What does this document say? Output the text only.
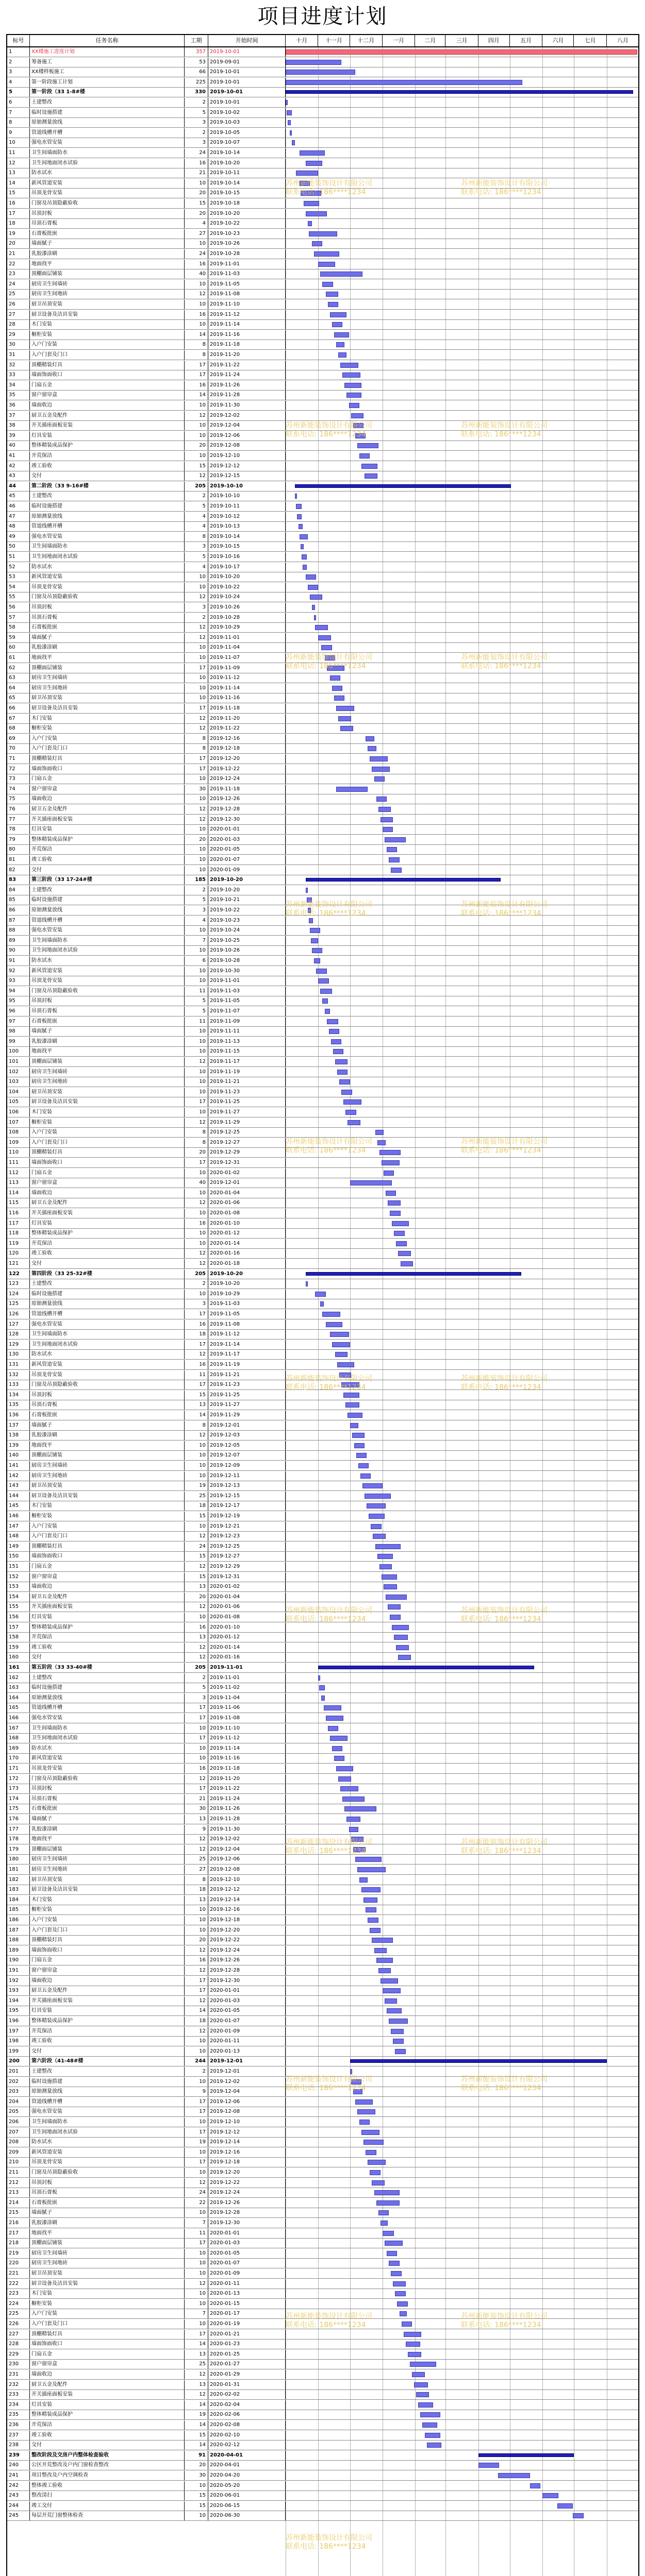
项目进度计划
标号	任务名称	工期	开始时间	十月	十一月	十二月	一月	二月	三月	四月	五月	六月	七月	八月
1	XX楼施工进度计划	357 2019-10-01
2	筹备施工	53 2019-09-01
3	XX楼样板施工	66 2019-10-01
4	第一阶段施工计划	225 2019-10-01
5	第一阶段（33 1-8#楼	330 2019-10-01
6	土建整改	2 2019-10-01
7	临时设施搭建	5 2019-10-02
8	原始测量放线	3 2019-10-03
9	管道线槽开槽	2 2019-10-05
10	强电水管安装	3 2019-10-07
11	卫生间墙面防水	24 2019-10-14
12	卫生间地面闭水试验	16 2019-10-20
13	防水试水	21 2019-10-11
14	新风管道安装	10 2019-10-14
15	吊顶龙骨安装	20 2019-10-15
16	门窗及吊顶隐蔽验收	15 2019-10-18
17	吊顶封板	20 2019-10-20
18	吊顶石膏板	4 2019-10-22
19	石膏板批嵌	27 2019-10-23
20	墙面腻子	10 2019-10-26
21	乳胶漆涂刷	24 2019-10-28
22	地面找平	16 2019-11-01
23	顶棚面层铺装	40 2019-11-03
24	厨房卫生间墙砖	10 2019-11-05
25	厨房卫生间地砖	12 2019-11-08
26	厨卫吊顶安装	10 2019-11-10
27	厨卫设备及洁具安装	16 2019-11-12
28	木门安装	10 2019-11-14
29	橱柜安装	14 2019-11-16
30	入户门安装	8 2019-11-18
31	入户门套及门口	8 2019-11-20
32	顶棚精装灯具	17 2019-11-22
33	墙面饰面收口	17 2019-11-24
34	门扇五金	16 2019-11-26
35	窗户窗帘盒	14 2019-11-28
36	墙面收边	10 2019-11-30
37	厨卫五金及配件	12 2019-12-02
38	开关插座面板安装	10 2019-12-04
39	灯具安装	10 2019-12-06
40	整体精装成品保护	20 2019-12-08
41	开荒保洁	10 2019-12-10
42	竣工验收	15 2019-12-12
43	交付	12 2019-12-15
44	第二阶段（33 9-16#楼	205 2019-10-10
45	土建整改	2 2019-10-10
46	临时设施搭建	5 2019-10-11
47	原始测量放线	4 2019-10-12
48	管道线槽开槽	4 2019-10-13
49	强电水管安装	8 2019-10-14
50	卫生间墙面防水	3 2019-10-15
51	卫生间地面闭水试验	5 2019-10-16
52	防水试水	4 2019-10-17
53	新风管道安装	10 2019-10-20
54	吊顶龙骨安装	10 2019-10-22
55	门窗及吊顶隐蔽验收	12 2019-10-24
56	吊顶封板	3 2019-10-26
57	吊顶石膏板	2 2019-10-28
58	石膏板批嵌	12 2019-10-29
59	墙面腻子	12 2019-11-01
60	乳胶漆涂刷	10 2019-11-04
61	地面找平	10 2019-11-07
62	顶棚面层铺装	17 2019-11-09
63	厨房卫生间墙砖	10 2019-11-12
64	厨房卫生间地砖	10 2019-11-14
65	厨卫吊顶安装	10 2019-11-16
66	厨卫设备及洁具安装	17 2019-11-18
67	木门安装	12 2019-11-20
68	橱柜安装	12 2019-11-22
69	入户门安装	8 2019-12-16
70	入户门套及门口	8 2019-12-18
71	顶棚精装灯具	17 2019-12-20
72	墙面饰面收口	17 2019-12-22
73	门扇五金	10 2019-12-24
74	窗户窗帘盒	30 2019-11-18
75	墙面收边	10 2019-12-26
76	厨卫五金及配件	12 2019-12-28
77	开关插座面板安装	12 2019-12-30
78	灯具安装	10 2020-01-01
79	整体精装成品保护	20 2020-01-03
80	开荒保洁	10 2020-01-05
81	竣工验收	10 2020-01-07
82	交付	10 2020-01-09
83	第三阶段（33 17-24#楼	185 2019-10-20
84	土建整改	2 2019-10-20
85	临时设施搭建	5 2019-10-21
86	原始测量放线	3 2019-10-22
87	管道线槽开槽	4 2019-10-23
88	强电水管安装	10 2019-10-24
89	卫生间墙面防水	7 2019-10-25
90	卫生间地面闭水试验	10 2019-10-26
91	防水试水	6 2019-10-28
92	新风管道安装	10 2019-10-30
93	吊顶龙骨安装	10 2019-11-01
94	门窗及吊顶隐蔽验收	11 2019-11-03
95	吊顶封板	5 2019-11-05
96	吊顶石膏板	5 2019-11-07
97	石膏板批嵌	11 2019-11-09
98	墙面腻子	10 2019-11-11
99	乳胶漆涂刷	10 2019-11-13
100	地面找平	10 2019-11-15
101	顶棚面层铺装	12 2019-11-17
102	厨房卫生间墙砖	10 2019-11-19
103	厨房卫生间地砖	10 2019-11-21
104	厨卫吊顶安装	10 2019-11-23
105	厨卫设备及洁具安装	17 2019-11-25
106	木门安装	10 2019-11-27
107	橱柜安装	12 2019-11-29
108	入户门安装	8 2019-12-25
109	入户门套及门口	8 2019-12-27
110	顶棚精装灯具	20 2019-12-29
111	墙面饰面收口	17 2019-12-31
112	门扇五金	10 2020-01-02
113	窗户窗帘盒	40 2019-12-01
114	墙面收边	10 2020-01-04
115	厨卫五金及配件	12 2020-01-06
116	开关插座面板安装	10 2020-01-08
117	灯具安装	16 2020-01-10
118	整体精装成品保护	10 2020-01-12
119	开荒保洁	10 2020-01-14
120	竣工验收	12 2020-01-16
121	交付	12 2020-01-18
122	第四阶段（33 25-32#楼	205 2019-10-20
123	土建整改	2 2019-10-20
124	临时设施搭建	10 2019-10-29
125	原始测量放线	3 2019-11-03
126	管道线槽开槽	17 2019-11-05
127	强电水管安装	16 2019-11-08
128	卫生间墙面防水	18 2019-11-12
129	卫生间地面闭水试验	17 2019-11-14
130	防水试水	12 2019-11-17
131	新风管道安装	16 2019-11-19
132	吊顶龙骨安装	11 2019-11-21
133	门窗及吊顶隐蔽验收	17 2019-11-23
134	吊顶封板	15 2019-11-25
135	吊顶石膏板	13 2019-11-27
136	石膏板批嵌	14 2019-11-29
137	墙面腻子	8 2019-12-01
138	乳胶漆涂刷	12 2019-12-03
139	地面找平	10 2019-12-05
140	顶棚面层铺装	10 2019-12-07
141	厨房卫生间墙砖	10 2019-12-09
142	厨房卫生间地砖	10 2019-12-11
143	厨卫吊顶安装	19 2019-12-13
144	厨卫设备及洁具安装	25 2019-12-15
145	木门安装	18 2019-12-17
146	橱柜安装	15 2019-12-19
147	入户门安装	10 2019-12-21
148	入户门套及门口	12 2019-12-23
149	顶棚精装灯具	24 2019-12-25
150	墙面饰面收口	15 2019-12-27
151	门扇五金	12 2019-12-29
152	窗户窗帘盒	15 2019-12-31
153	墙面收边	13 2020-01-02
154	厨卫五金及配件	20 2020-01-04
155	开关插座面板安装	12 2020-01-06
156	灯具安装	10 2020-01-08
157	整体精装成品保护	16 2020-01-10
158	开荒保洁	13 2020-01-12
159	竣工验收	12 2020-01-14
160	交付	12 2020-01-16
161	第五阶段（33 33-40#楼	205 2019-11-01
162	土建整改	2 2019-11-01
163	临时设施搭建	5 2019-11-02
164	原始测量放线	3 2019-11-04
165	管道线槽开槽	17 2019-11-06
166	强电水管安装	17 2019-11-08
167	卫生间墙面防水	10 2019-11-10
168	卫生间地面闭水试验	17 2019-11-12
169	防水试水	10 2019-11-14
170	新风管道安装	10 2019-11-16
171	吊顶龙骨安装	16 2019-11-18
172	门窗及吊顶隐蔽验收	12 2019-11-20
173	吊顶封板	17 2019-11-22
174	吊顶石膏板	21 2019-11-24
175	石膏板批嵌	30 2019-11-26
176	墙面腻子	13 2019-11-28
177	乳胶漆涂刷	9 2019-11-30
178	地面找平	12 2019-12-02
179	顶棚面层铺装	12 2019-12-04
180	厨房卫生间墙砖	25 2019-12-06
181	厨房卫生间地砖	27 2019-12-08
182	厨卫吊顶安装	8 2019-12-10
183	厨卫设备及洁具安装	18 2019-12-12
184	木门安装	13 2019-12-14
185	橱柜安装	10 2019-12-16
186	入户门安装	10 2019-12-18
187	入户门套及门口	10 2019-12-20
188	顶棚精装灯具	20 2019-12-22
189	墙面饰面收口	12 2019-12-24
190	门扇五金	16 2019-12-26
191	窗户窗帘盒	12 2019-12-28
192	墙面收边	17 2019-12-30
193	厨卫五金及配件	17 2020-01-01
194	开关插座面板安装	12 2020-01-03
195	灯具安装	14 2020-01-05
196	整体精装成品保护	18 2020-01-07
197	开荒保洁	12 2020-01-09
198	竣工验收	10 2020-01-11
199	交付	10 2020-01-13
200	第六阶段（41-48#楼	244 2019-12-01
201	土建整改	2 2019-12-01
202	临时设施搭建	10 2019-12-02
203	原始测量放线	9 2019-12-04
204	管道线槽开槽	17 2019-12-06
205	强电水管安装	17 2019-12-08
206	卫生间墙面防水	10 2019-12-10
207	卫生间地面闭水试验	17 2019-12-12
208	防水试水	19 2019-12-14
209	新风管道安装	10 2019-12-16
210	吊顶龙骨安装	17 2019-12-18
211	门窗及吊顶隐蔽验收	10 2019-12-20
212	吊顶封板	12 2019-12-22
213	吊顶石膏板	24 2019-12-24
214	石膏板批嵌	22 2019-12-26
215	墙面腻子	10 2019-12-28
216	乳胶漆涂刷	7 2019-12-30
217	地面找平	11 2020-01-01
218	顶棚面层铺装	17 2020-01-03
219	厨房卫生间墙砖	10 2020-01-05
220	厨房卫生间地砖	10 2020-01-07
221	厨卫吊顶安装	10 2020-01-09
222	厨卫设备及洁具安装	12 2020-01-11
223	木门安装	10 2020-01-13
224	橱柜安装	10 2020-01-15
225	入户门安装	7 2020-01-17
226	入户门套及门口	10 2020-01-19
227	顶棚精装灯具	17 2020-01-21
228	墙面饰面收口	14 2020-01-23
229	门扇五金	13 2020-01-25
230	窗户窗帘盒	25 2020-01-27
231	墙面收边	12 2020-01-29
232	厨卫五金及配件	13 2020-01-31
233	开关插座面板安装	12 2020-02-02
234	灯具安装	14 2020-02-04
235	整体精装成品保护	19 2020-02-06
236	开荒保洁	14 2020-02-08
237	竣工验收	15 2020-02-10
238	交付	14 2020-02-12
239	整改阶段及交房户内整体检查验收	91 2020-04-01
240	公区开荒整改及户内门窗检查整改	20 2020-04-01
241	项目整改及户内空调检查	30 2020-04-20
242	整体竣工验收	10 2020-05-20
243	整改清扫	15 2020-06-01
244	竣工交付	15 2020-06-15
245	每层开荒门窗整体检查	10 2020-06-30
苏州新能装饰设计有限公司
联系电话: 186****1234
苏州新能装饰设计有限公司
联系电话: 186****1234
苏州新能装饰设计有限公司
联系电话: 186****1234
苏州新能装饰设计有限公司
联系电话: 186****1234
苏州新能装饰设计有限公司
联系电话: 186****1234
苏州新能装饰设计有限公司
联系电话: 186****1234
苏州新能装饰设计有限公司
联系电话: 186****1234
苏州新能装饰设计有限公司
联系电话: 186****1234
苏州新能装饰设计有限公司
联系电话: 186****1234
苏州新能装饰设计有限公司
联系电话: 186****1234
苏州新能装饰设计有限公司
联系电话: 186****1234
苏州新能装饰设计有限公司
联系电话: 186****1234
苏州新能装饰设计有限公司
联系电话: 186****1234
苏州新能装饰设计有限公司
联系电话: 186****1234
苏州新能装饰设计有限公司
联系电话: 186****1234
苏州新能装饰设计有限公司
联系电话: 186****1234
苏州新能装饰设计有限公司
联系电话: 186****1234
苏州新能装饰设计有限公司
联系电话: 186****1234
苏州新能装饰设计有限公司
联系电话: 186****1234
苏州新能装饰设计有限公司
联系电话: 186****1234
苏州新能装饰设计有限公司
联系电话: 186****1234
